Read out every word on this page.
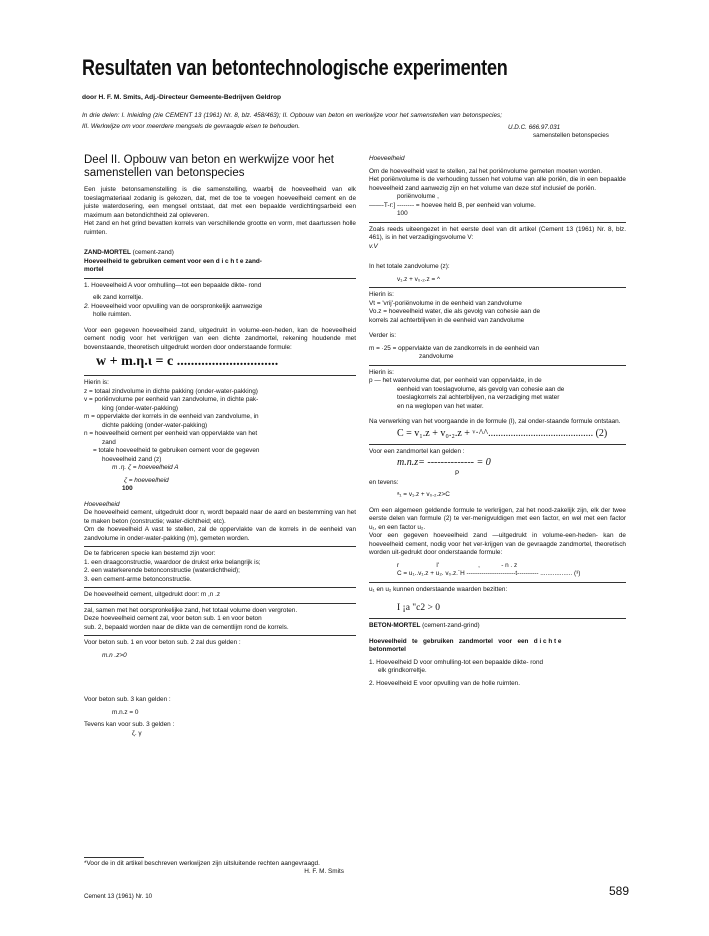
Resultaten van betontechnologische experimenten
door H. F. M. Smits, Adj.-Directeur Gemeente-Bedrijven Geldrop
In drie delen: I. Inleiding (zie CEMENT 13 (1961) Nr. 8, blz. 458/463); II. Opbouw van beton en werkwijze voor het samenstellen van betonspecies; III. Werkwijze om voor meerdere mengsels de gevraagde eisen te behouden.	U.D.C. 666.97.031
samenstellen betonspecies
Deel II. Opbouw van beton en werkwijze voor het samenstellen van betonspecies

Een juiste betonsamenstelling is die samenstelling, waarbij de hoeveelheid van elk toeslagmateriaal zodanig is gekozen, dat, met de toe te voegen hoeveelheid cement en de juiste waterdosering, een mengsel ontstaat, dat met een bepaalde verdichtingsarbeid een maximum aan betondichtheid zal opleveren.

Het zand en het grind bevatten korrels van verschillende grootte en vorm, met daartussen holle ruimten.

ZAND-MORTEL (cement-zand)

Hoeveelheid te gebruiken cement voor een d i c h t e zand-

mortel

1. Hoeveelheid A voor omhulling—tot een bepaalde dikte- rond

elk zand korreltje.

2. Hoeveelheid voor opvulling van de oorspronkelijk aanwezige

holle ruimten.

Voor een gegeven hoeveelheid zand, uitgedrukt in volume-een-heden, kan de hoeveelheid cement nodig voor het verkrijgen van een dichte zandmortel, rekening houdende met bovenstaande, theoretisch uitgedrukt worden door onderstaande formule:

w + m.η.ι = c .............................

Hierin is:

z = totaal zindvolume in dichte pakking (onder-water-pakking)

v = poriënvolume per eenheid van zandvolume, in dichte pak-

king (onder-water-pakking)

m = oppervlakte der korrels in de eenheid van zandvolume, in

dichte pakking (onder-water-pakking)

n = hoeveelheid cement per eenheid van oppervlakte van het

zand

= totale hoeveelheid te gebruiken cement voor de gegeven

hoeveelheid zand (z)

m .η. ζ = hoeveelheid A

ζ = hoeveelheid

100

Hoeveelheid

De hoeveelheid cement, uitgedrukt door n, wordt bepaald naar de aard en bestemming van het te maken beton (constructie; water-dichtheid; etc).

Om de hoeveelheid A vast te stellen, zal de oppervlakte van de korrels in de eenheid van zandvolume in onder-water-pakking (m), gemeten worden.

De te fabriceren specie kan bestemd zijn voor:

1. een draagconstructie, waardoor de drukst erke belangrijk is;

2. een waterkerende betonconstructie (waterdichtheid);

3. een cement-arme betonconstructie.

De hoeveelheid cement, uitgedrukt door: m ,n .z

zal, samen met het oorspronkelijke zand, het totaal volume doen vergroten.

Deze hoeveelheid cement zal, voor beton sub. 1 en voor beton

sub. 2, bepaald worden naar de dikte van de cementlijm rond de korrels.

Voor beton sub. 1 en voor beton sub. 2 zal dus gelden :

m.n .z>0

Voor beton sub. 3 kan gelden :

m.n.z = 0

Tevens kan voor sub. 3 gelden :

ζ. γ

Hoeveelheid

Om de hoeveelheid vast te stellen, zal het poriënvolume gemeten moeten worden.

Het poriënvolume is de verhouding tussen het volume van alle poriën, die in een bepaalde hoeveelheid zand aanwezig zijn en het volume van deze stof inclusief de poriën.

poriënvolume ,

——-T-r:] -------- = hoevee held B, per eenheid van volume.

100

Zoals reeds uiteengezet in het eerste deel van dit artikel (Cement 13 (1961) Nr. 8, blz. 461), is in het verzadigingsvolume V:

v.V

In het totale zandvolume (z):

v₁.z + v₀.₂.z = ^

Hierin is:

Vt = 'vrij'-poriënvolume in de eenheid van zandvolume

Vo.z = hoeveelheid water, die als gevolg van cohesie aan de

korrels zal achterblijven in de eenheid van zandvolume

Verder is:

m = ·25 = oppervlakte van de zandkorrels in de eenheid van

zandvolume

Hierin is:

p — het watervolume dat, per eenheid van oppervlakte, in de

eenheid van toeslagvolume, als gevolg van cohesie aan de

toeslagkorrels zal achterblijven, na verzadiging met water

en na weglopen van het water.

Na verwerking van het voorgaande in de formule (I), zal onder-staande formule ontstaan.

C = v₁.z + v₀.₂.z + ᵛ·^^.......................................... (2)

Voor een zandmortel kan gelden :

m.n.z= -------------- = 0

P

en tevens:

ᵃ₁ = v₁.z + v₀.₂.z>C

Om een algemeen geldende formule te verkrijgen, zal het nood-zakelijk zijn, elk der twee eerste delen van formule (2) te ver-menigvuldigen met een factor, en wel met een factor u₁, en een factor u₂.

Voor een gegeven hoeveelheid zand —uitgedrukt in volume-een-heden- kan de hoeveelheid cement, nodig voor het ver-krijgen van de gevraagde zandmortel, theoretisch worden uit-gedrukt door onderstaande formule:

r                     l'                      ,            - n . z

C = u₁..v₁.z + u₂. v₀.z.´H -----------------------t---------- .................. (³)

u₁ en u₂ kunnen onderstaande waarden bezitten:

I ¡a "c2 > 0

BETON-MORTEL (cement-zand-grind)

Hoeveelheid   te   gebruiken   zandmortel   voor   een   d i c h t e

betonmortel

1. Hoeveelheid D voor omhulling-tot een bepaalde dikte- rond

elk grindkorreltje.

2. Hoeveelheid E voor opvulling van de holle ruimten.

*Voor de in dit artikel beschreven werkwijzen zijn uitsluitende rechten aangevraagd.
H. F. M. Smits
Cement 13 (1961) Nr. 10	589
